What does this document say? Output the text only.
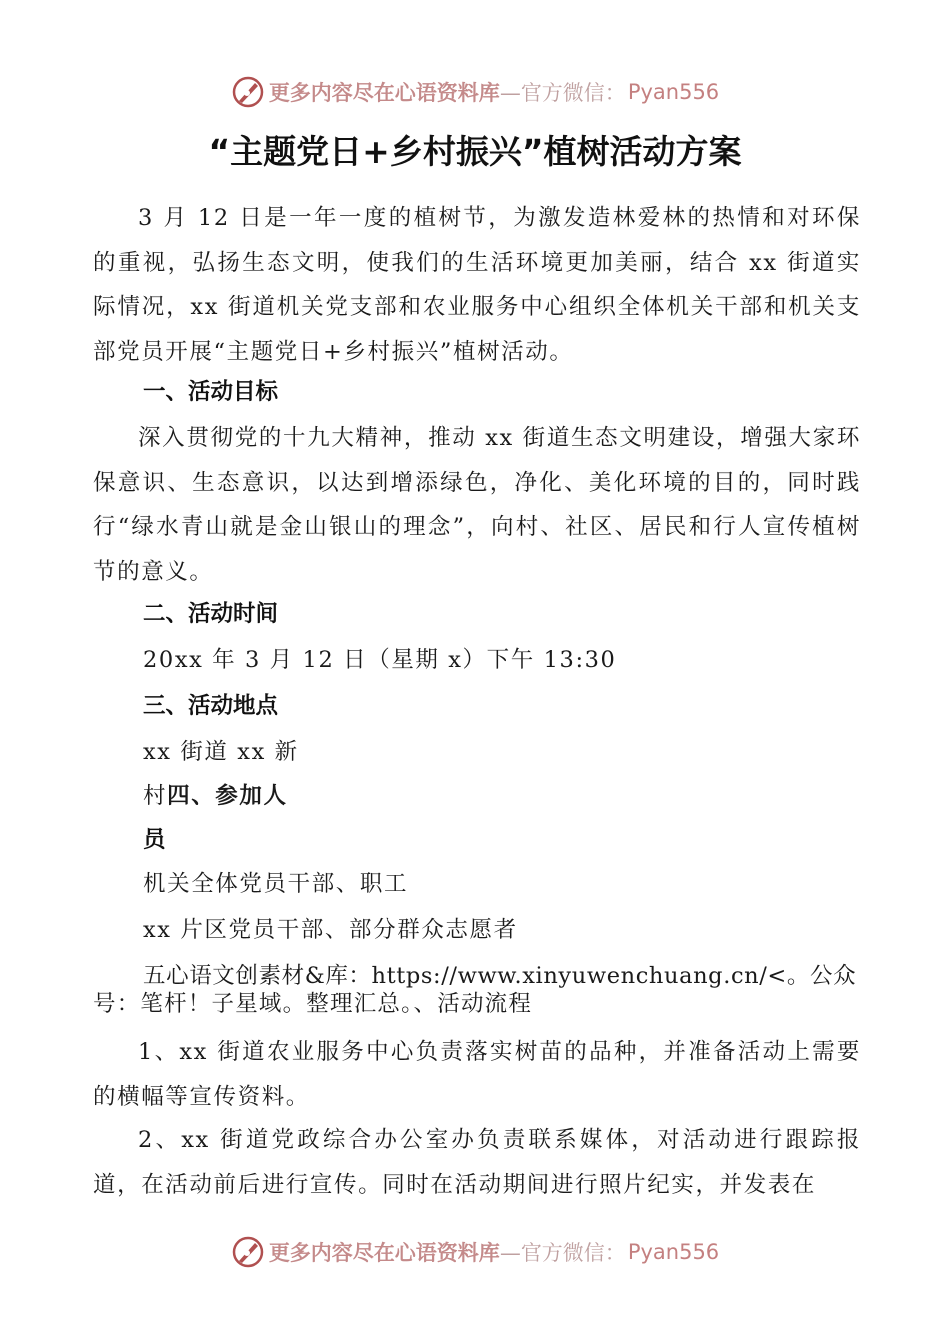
更多内容尽在心语资料库 —官方微信： Pyan556
“主题党日+乡村振兴”植树活动方案
3 月 12 日是一年一度的植树节，为激发造林爱林的热情和对环保的重视，弘扬生态文明，使我们的生活环境更加美丽，结合 xx 街道实际情况，xx 街道机关党支部和农业服务中心组织全体机关干部和机关支部党员开展“主题党日+乡村振兴”植树活动。
一、活动目标
深入贯彻党的十九大精神，推动 xx 街道生态文明建设，增强大家环保意识、生态意识，以达到增添绿色，净化、美化环境的目的，同时践行“绿水青山就是金山银山的理念”，向村、社区、居民和行人宣传植树节的意义。
二、活动时间
20xx 年 3 月 12 日（星期 x）下午 13:30
三、活动地点
xx 街道 xx 新
村四、参加人
员
机关全体党员干部、职工
xx 片区党员干部、部分群众志愿者
五心语文创素材&库：https://www.xinyuwenchuang.cn/<。公众
号：笔杆！子星域。整理汇总。、活动流程
1、xx 街道农业服务中心负责落实树苗的品种，并准备活动上需要的横幅等宣传资料。
2、xx 街道党政综合办公室办负责联系媒体，对活动进行跟踪报道，在活动前后进行宣传。同时在活动期间进行照片纪实，并发表在
更多内容尽在心语资料库 —官方微信： Pyan556
